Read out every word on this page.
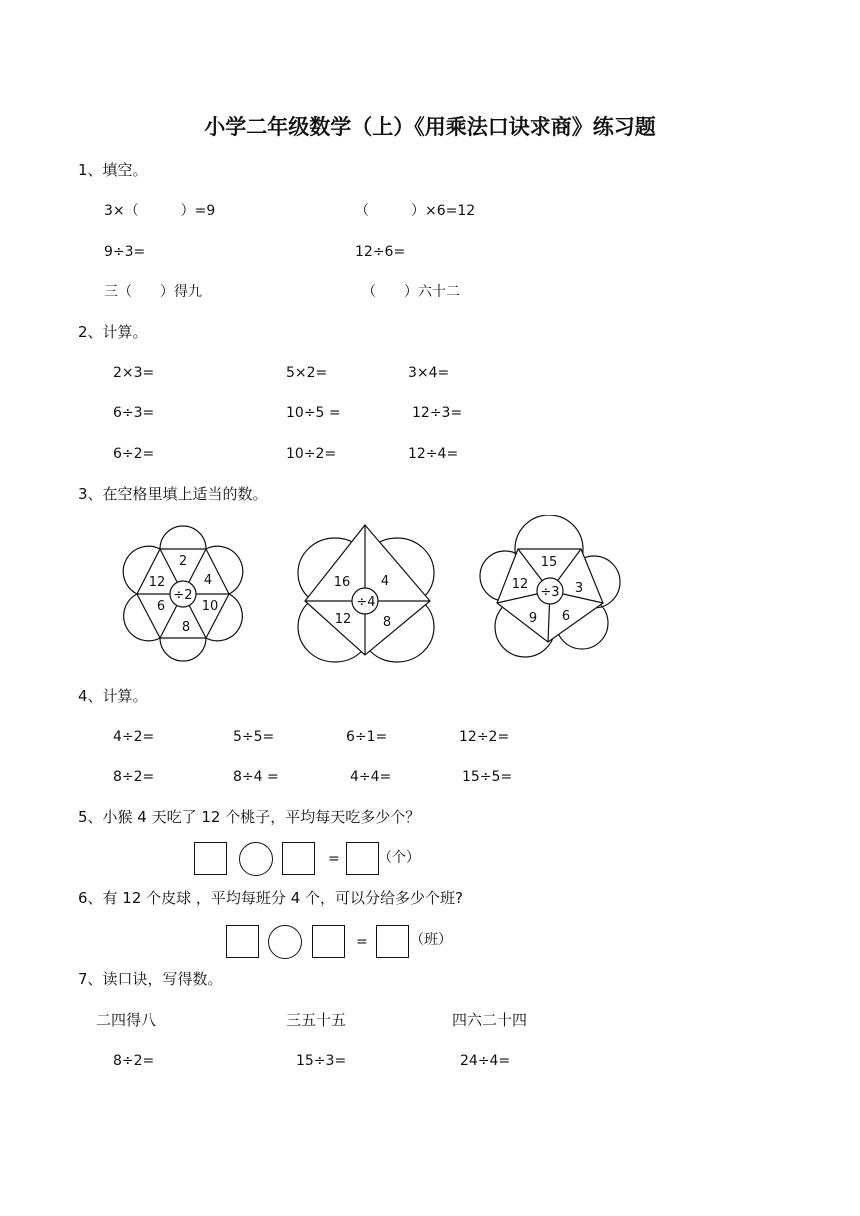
小学二年级数学（上）《用乘法口诀求商》练习题
1、填空。
3×（　　　）=9	（　　　）×6=12
9÷3=	12÷6=
三（　　）得九	（　　）六十二
2、计算。
2×3=	5×2=	3×4=
6÷3=	10÷5 =	12÷3=
6÷2=	10÷2=	12÷4=
3、在空格里填上适当的数。
2
4
10
8
6
12
÷2
16 4
8
12
÷4
15
3
6
9
12
÷3
4、计算。
4÷2=	5÷5=	6÷1=	12÷2=
8÷2=	8÷4 =	4÷4=	15÷5=
5、小猴 4 天吃了 12 个桃子，平均每天吃多少个？
=	（个）
6、有 12 个皮球 ，平均每班分 4 个，可以分给多少个班?
=	（班）
7、读口诀，写得数。
二四得八	三五十五	四六二十四
8÷2=	15÷3=	24÷4=
